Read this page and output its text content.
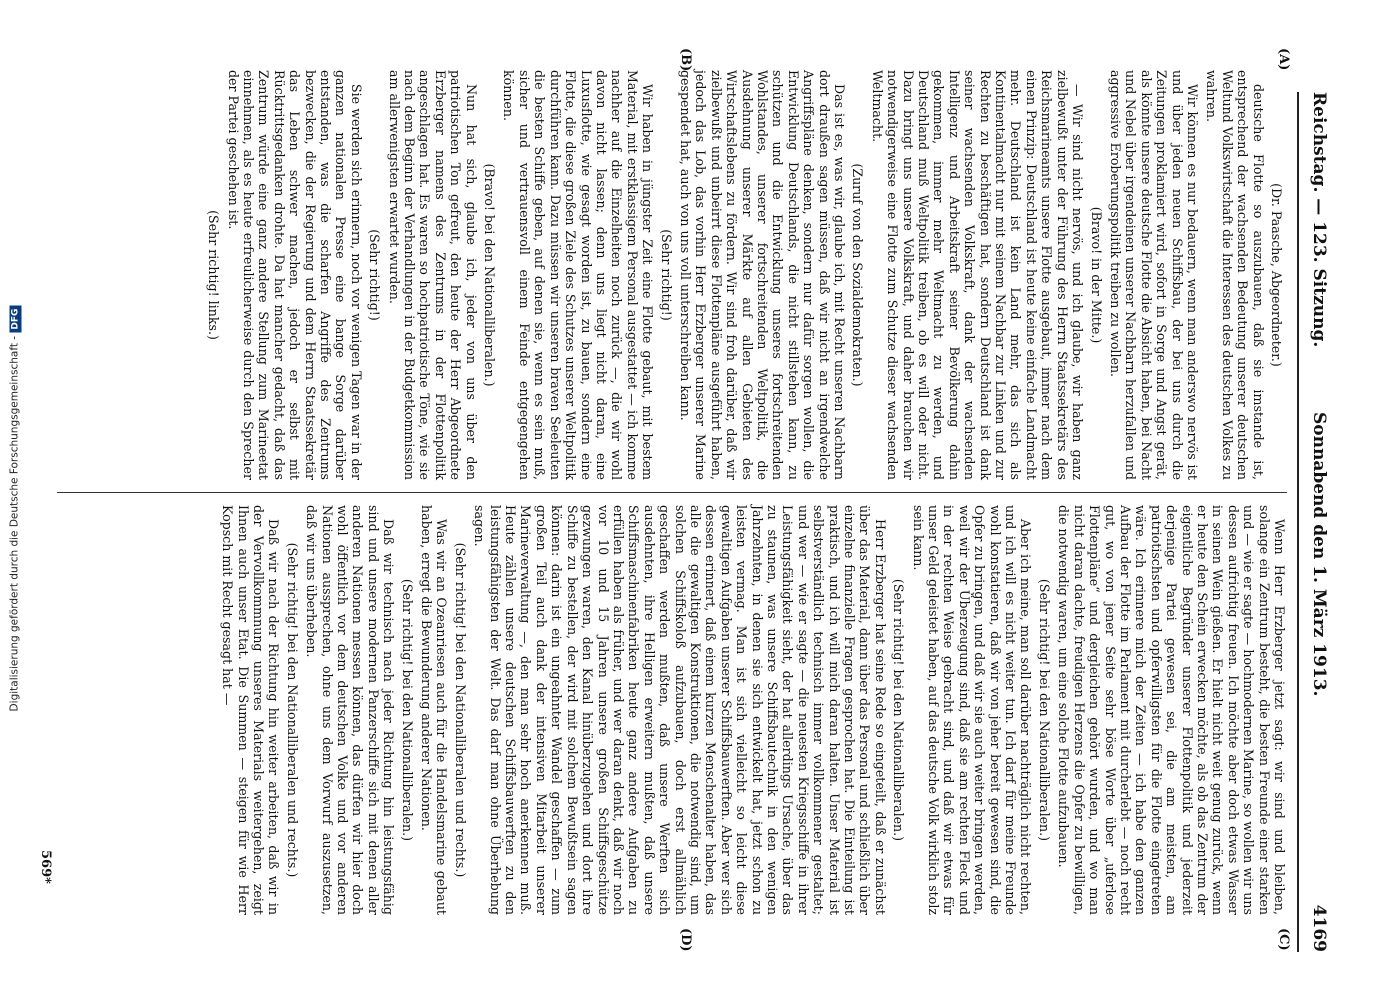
Digitalisierung gefördert durch die Deutsche Forschungsgemeinschaft - DFG	Reichstag. — 123. Sitzung.
Sonnabend den 1. März 1913.
4169
(A)
(B)
(C)
(D)

(Dr. Paasche, Abgeordneter.)

deutsche Flotte so auszubauen, daß sie imstande ist, entsprechend der wachsenden Bedeutung unserer deutschen Weltund Volkswirtschaft die Interessen des deutschen Volkes zu wahren.

Wir können es nur bedauern, wenn man anderswo nervös ist und über jeden neuen Schiffsbau, der bei uns durch die Zeitungen proklamiert wird, sofort in Sorge und Angst gerät, als könnte unsere deutsche Flotte die Absicht haben, bei Nacht und Nebel über irgendeinen unserer Nachbarn herzufallen und aggressive Eroberungspolitik treiben zu wollen.

(Bravo! in der Mitte.)

— Wir sind nicht nervös, und ich glaube, wir haben ganz zielbewußt unter der Führung des Herrn Staatssekretärs des Reichsmarineamts unsere Flotte ausgebaut, immer nach dem einen Prinzip: Deutschland ist heute keine einfache Landmacht mehr. Deutschland ist kein Land mehr, das sich als Kontinentalmacht nur mit seinem Nachbar zur Linken und zur Rechten zu beschäftigen hat, sondern Deutschland ist dank seiner wachsenden Volkskraft, dank der wachsenden Intelligenz und Arbeitskraft seiner Bevölkerung dahin gekommen, immer mehr Weltmacht zu werden, und Deutschland muß Weltpolitik treiben, ob es will oder nicht. Dazu bringt uns unsere Volkskraft, und daher brauchen wir notwendigerweise eine Flotte zum Schutze dieser wachsenden Weltmacht.

(Zuruf von den Sozialdemokraten.)

Das ist es, was wir, glaube ich, mit Recht unseren Nachbarn dort draußen sagen müssen, daß wir nicht an irgendwelche Angriffspläne denken, sondern nur dafür sorgen wollen, die Entwicklung Deutschlands, die nicht stillstehen kann, zu schützen und die Entwicklung unseres fortschreitenden Wohlstandes, unserer fortschreitenden Weltpolitik, die Ausdehnung unserer Märkte auf allen Gebieten des Wirtschaftslebens zu fördern. Wir sind froh darüber, daß wir zielbewußt und unbeirrt diese Flottenpläne ausgeführt haben, jedoch das Lob, das vorhin Herr Erzberger unserer Marine gespendet hat, auch von uns voll unterschreiben kann.

(Sehr richtig!)

Wir haben in jüngster Zeit eine Flotte gebaut, mit bestem Material, mit erstklassigem Personal ausgestattet — ich komme nachher auf die Einzelheiten noch zurück —, die wir wohl davon nicht lassen; denn uns liegt nicht daran, eine Luxusflotte, wie gesagt worden ist, zu bauen, sondern eine Flotte, die diese großen Ziele des Schutzes unserer Weltpolitik durchführen kann. Dazu müssen wir unseren braven Seeleuten die besten Schiffe geben, auf denen sie, wenn es sein muß, sicher und vertrauensvoll einem Feinde entgegengehen können.

(Bravo! bei den Nationalliberalen.)

Nun hat sich, glaube ich, jeder von uns über den patriotischen Ton gefreut, den heute der Herr Abgeordnete Erzberger namens des Zentrums in der Flottenpolitik angeschlagen hat. Es waren so hochpatriotische Töne, wie sie nach dem Beginn der Verhandlungen in der Budgetkommission am allerwenigsten erwartet wurden.

(Sehr richtig!)

Sie werden sich erinnern, noch vor wenigen Tagen war in der ganzen nationalen Presse eine bange Sorge darüber entstanden, was die scharfen Angriffe des Zentrums bezwecken, die der Regierung und dem Herrn Staatssekretär das Leben schwer machen, jedoch er selbst mit Rücktrittsgedanken drohte. Da hat mancher gedacht, daß das Zentrum würde eine ganz andere Stellung zum Marineetat einnehmen, als es heute erfreulicherweise durch den Sprecher der Partei geschehen ist.

(Sehr richtig! links.)

Wenn Herr Erzberger jetzt sagt: wir sind und bleiben, solange ein Zentrum besteht, die besten Freunde einer starken und — wie er sagte — hochmodernen Marine, so wollen wir uns dessen aufrichtig freuen. Ich möchte aber doch etwas Wasser in seinen Wein gießen. Er hielt nicht weit genug zurück, wenn er heute den Schein erwecken möchte, als ob das Zentrum der eigentliche Begründer unserer Flottenpolitik und jederzeit derjenige Partei gewesen sei, die am meisten, am patriotischsten und opferwilligsten für die Flotte eingetreten wäre. Ich erinnere mich der Zeiten — ich habe den ganzen Aufbau der Flotte im Parlament mit durcherlebt — noch recht gut, wo von jener Seite sehr böse Worte über „uferlose Flottenpläne“ und dergleichen gehört wurden, und wo man nicht daran dachte, freudigen Herzens die Opfer zu bewilligen, die notwendig waren, um eine solche Flotte aufzubauen.

(Sehr richtig! bei den Nationalliberalen.)

Aber ich meine, man soll darüber nachträglich nicht rechten, und ich will es nicht weiter tun. Ich darf für meine Freunde wohl konstatieren, daß wir von jeher bereit gewesen sind, die Opfer zu bringen, und daß wir sie auch weiter bringen werden, weil wir der Überzeugung sind, daß sie am rechten Fleck und in der rechten Weise gebracht sind, und daß wir etwas für unser Geld geleistet haben, auf das deutsche Volk wirklich stolz sein kann.

(Sehr richtig! bei den Nationalliberalen.)

Herr Erzberger hat seine Rede so eingeteilt, daß er zunächst über das Material, dann über das Personal und schließlich über einzelne finanzielle Fragen gesprochen hat. Die Einteilung ist praktisch, und ich will mich daran halten. Unser Material ist selbstverständlich technisch immer vollkommener gestaltet; und wer — wie er sagte — die neuesten Kriegsschiffe in ihrer Leistungsfähigkeit sieht, der hat allerdings Ursache, über das zu staunen, was unsere Schiffsbautechnik in den wenigen Jahrzehnten, in denen sie sich entwickelt hat, jetzt schon zu leisten vermag. Man ist sich vielleicht so leicht diese gewaltigen Aufgaben unserer Schiffsbauwerften. Aber wer sich dessen erinnert, daß einem kurzen Menschenalter haben, das alle die gewaltigen Konstruktionen, die notwendig sind, um solchen Schiffskoloß aufzubauen, doch erst allmählich geschaffen werden mußten, daß unsere Werften sich ausdehnten, ihre Helligen erweitern mußten, daß unsere Schiffsmaschinenfabriken heute ganz andere Aufgaben zu erfüllen haben als früher, und wer daran denkt, daß wir noch vor 10 und 15 Jahren unsere großen Schiffsgeschütze gezwungen waren, den Kanal hinüberzugehen und dort ihre Schiffe zu bestellen, der wird mit solchem Bewußtsein sagen können: darin ist ein ungeahnter Wandel geschaffen — zum großen Teil auch dank der intensiven Mitarbeit unserer Marineverwaltung —, den man sehr hoch anerkennen muß. Heute zählen unsere deutschen Schiffsbauwerften zu den leistungsfähigsten der Welt. Das darf man ohne Überhebung sagen.

(Sehr richtig! bei den Nationalliberalen und rechts.)

Was wir an Ozeanriesen auch für die Handelsmarine gebaut haben, erregt die Bewunderung anderer Nationen.

(Sehr richtig! bei den Nationalliberalen.)

Daß wir technisch nach jeder Richtung hin leistungsfähig sind und unsere modernen Panzerschiffe sich mit denen aller anderen Nationen messen können, das dürfen wir hier doch wohl öffentlich vor dem deutschen Volke und vor anderen Nationen aussprechen, ohne uns dem Vorwurf auszusetzen, daß wir uns überheben.

(Sehr richtig! bei den Nationalliberalen und rechts.)

Daß wir nach der Richtung hin weiter arbeiten, daß wir in der Vervollkommnung unseres Materials weitergehen, zeigt Ihnen auch unser Etat. Die Summen — steigen für wie Herr Kopsch mit Recht gesagt hat —

569*
